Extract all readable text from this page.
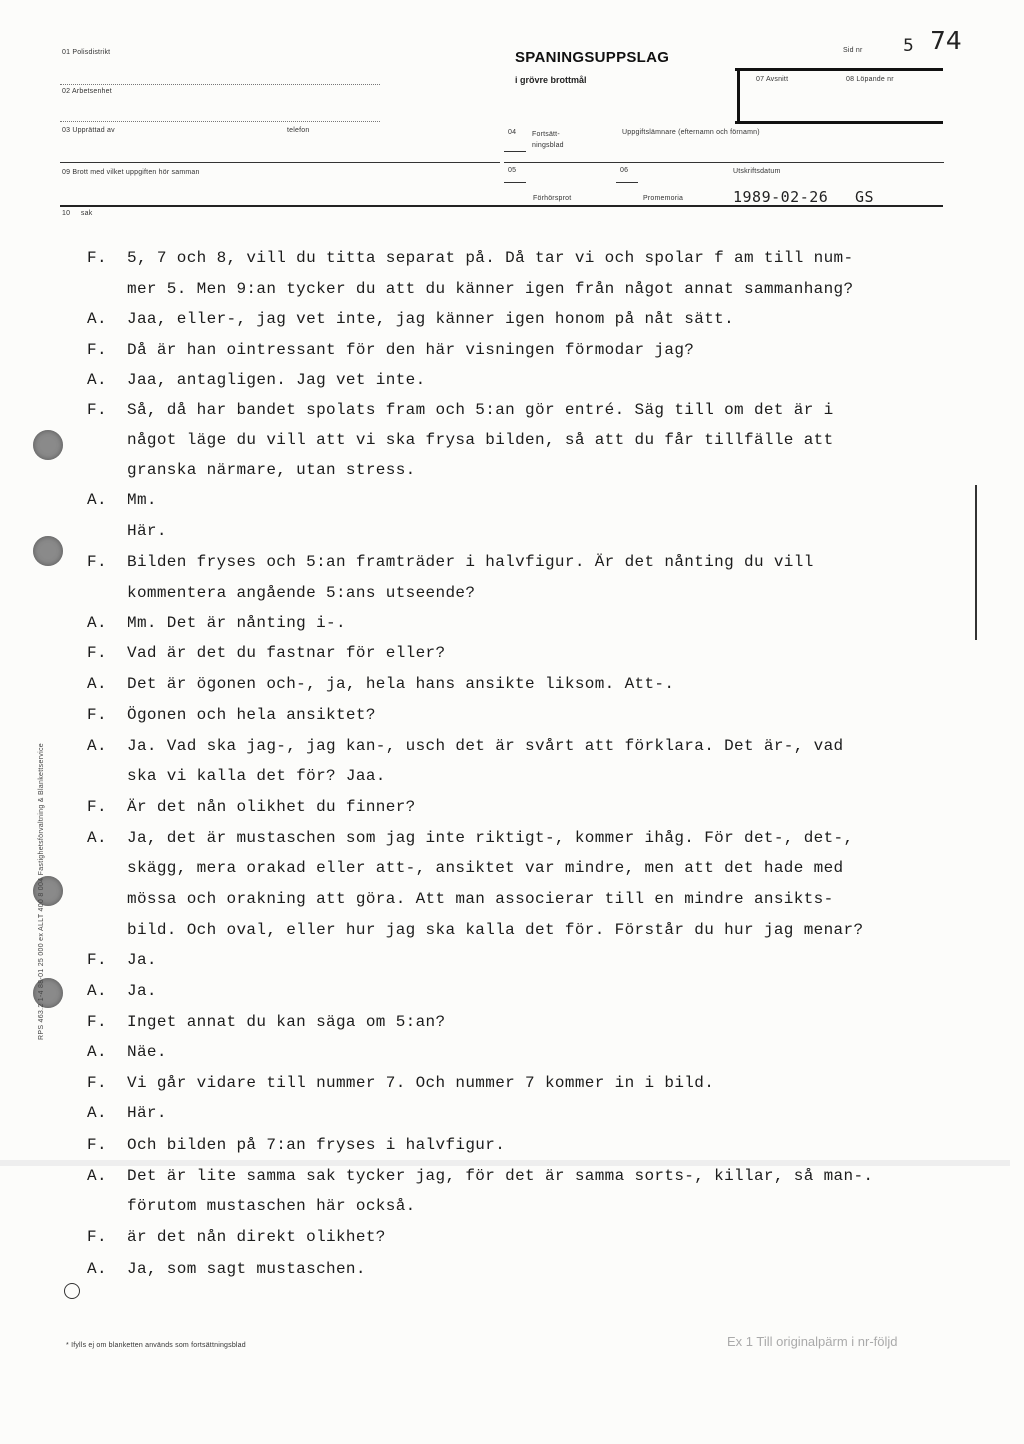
01 Polisdistrikt
02 Arbetsenhet
03 Upprättad av	telefon
09 Brott med vilket uppgiften hör samman
10 sak
SPANINGSUPPSLAG
i grövre brottmål
Sid nr 5 74
07 Avsnitt	08 Löpande nr
04 Fortsätt-
ningsblad
Uppgiftslämnare (efternamn och förnamn)
05
Förhörsprot
06
Promemoria
Utskriftsdatum
1989-02-26 GS
F. 5, 7 och 8, vill du titta separat på. Då tar vi och spolar f am till num-
mer 5. Men 9:an tycker du att du känner igen från något annat sammanhang?
A. Jaa, eller-, jag vet inte, jag känner igen honom på nåt sätt.
F. Då är han ointressant för den här visningen förmodar jag?
A. Jaa, antagligen. Jag vet inte.
F. Så, då har bandet spolats fram och 5:an gör entré. Säg till om det är i
något läge du vill att vi ska frysa bilden, så att du får tillfälle att
granska närmare, utan stress.
A. Mm.
Här.
F. Bilden fryses och 5:an framträder i halvfigur. Är det nånting du vill
kommentera angående 5:ans utseende?
A. Mm. Det är nånting i-.
F. Vad är det du fastnar för eller?
A. Det är ögonen och-, ja, hela hans ansikte liksom. Att-.
F. Ögonen och hela ansiktet?
A. Ja. Vad ska jag-, jag kan-, usch det är svårt att förklara. Det är-, vad
ska vi kalla det för? Jaa.
F. Är det nån olikhet du finner?
A. Ja, det är mustaschen som jag inte riktigt-, kommer ihåg. För det-, det-,
skägg, mera orakad eller att-, ansiktet var mindre, men att det hade med
mössa och orakning att göra. Att man associerar till en mindre ansikts-
bild. Och oval, eller hur jag ska kalla det för. Förstår du hur jag menar?
F. Ja.
A. Ja.
F. Inget annat du kan säga om 5:an?
A. Näe.
F. Vi går vidare till nummer 7. Och nummer 7 kommer in i bild.
A. Här.
F. Och bilden på 7:an fryses i halvfigur.
A. Det är lite samma sak tycker jag, för det är samma sorts-, killar, så man-.
förutom mustaschen här också.
F. är det nån direkt olikhet?
A. Ja, som sagt mustaschen.
RPS 463.2 1-4 88-01 25 000 ex ALLT 400 8 004 Fastighetsförvaltning & Blankettservice
* Ifylls ej om blanketten används som fortsättningsblad	Ex 1 Till originalpärm i nr-följd
